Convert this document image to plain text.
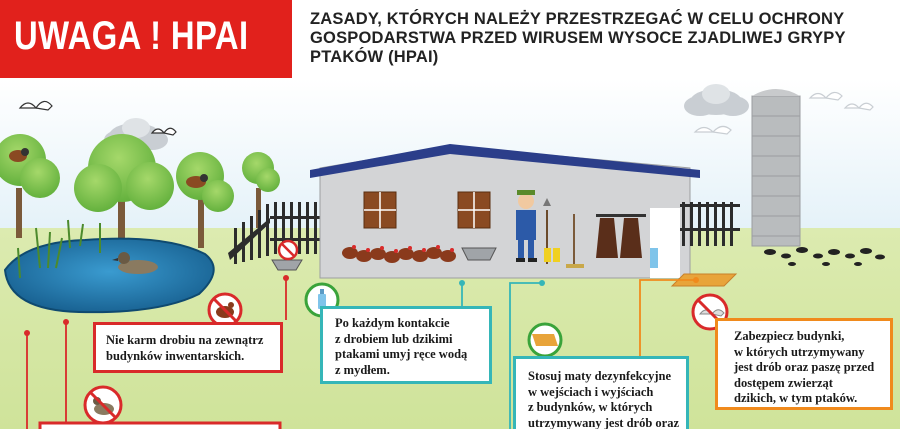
UWAGA ! HPAI	ZASADY, KTÓRYCH NALEŻY PRZESTRZEGAĆ W CELU OCHRONY
GOSPODARSTWA PRZED WIRUSEM WYSOCE ZJADLIWEJ GRYPY
PTAKÓW (HPAI)
Nie karm drobiu na zewnątrz
budynków inwentarskich.
Po każdym kontakcie
z drobiem lub dzikimi
ptakami umyj ręce wodą
z mydłem.	Stosuj maty dezynfekcyjne
w wejściach i wyjściach
z budynków, w których
utrzymywany jest drób oraz
Zabezpiecz budynki,
w których utrzymywany
jest drób oraz paszę przed
dostępem zwierząt
dzikich, w tym ptaków.
